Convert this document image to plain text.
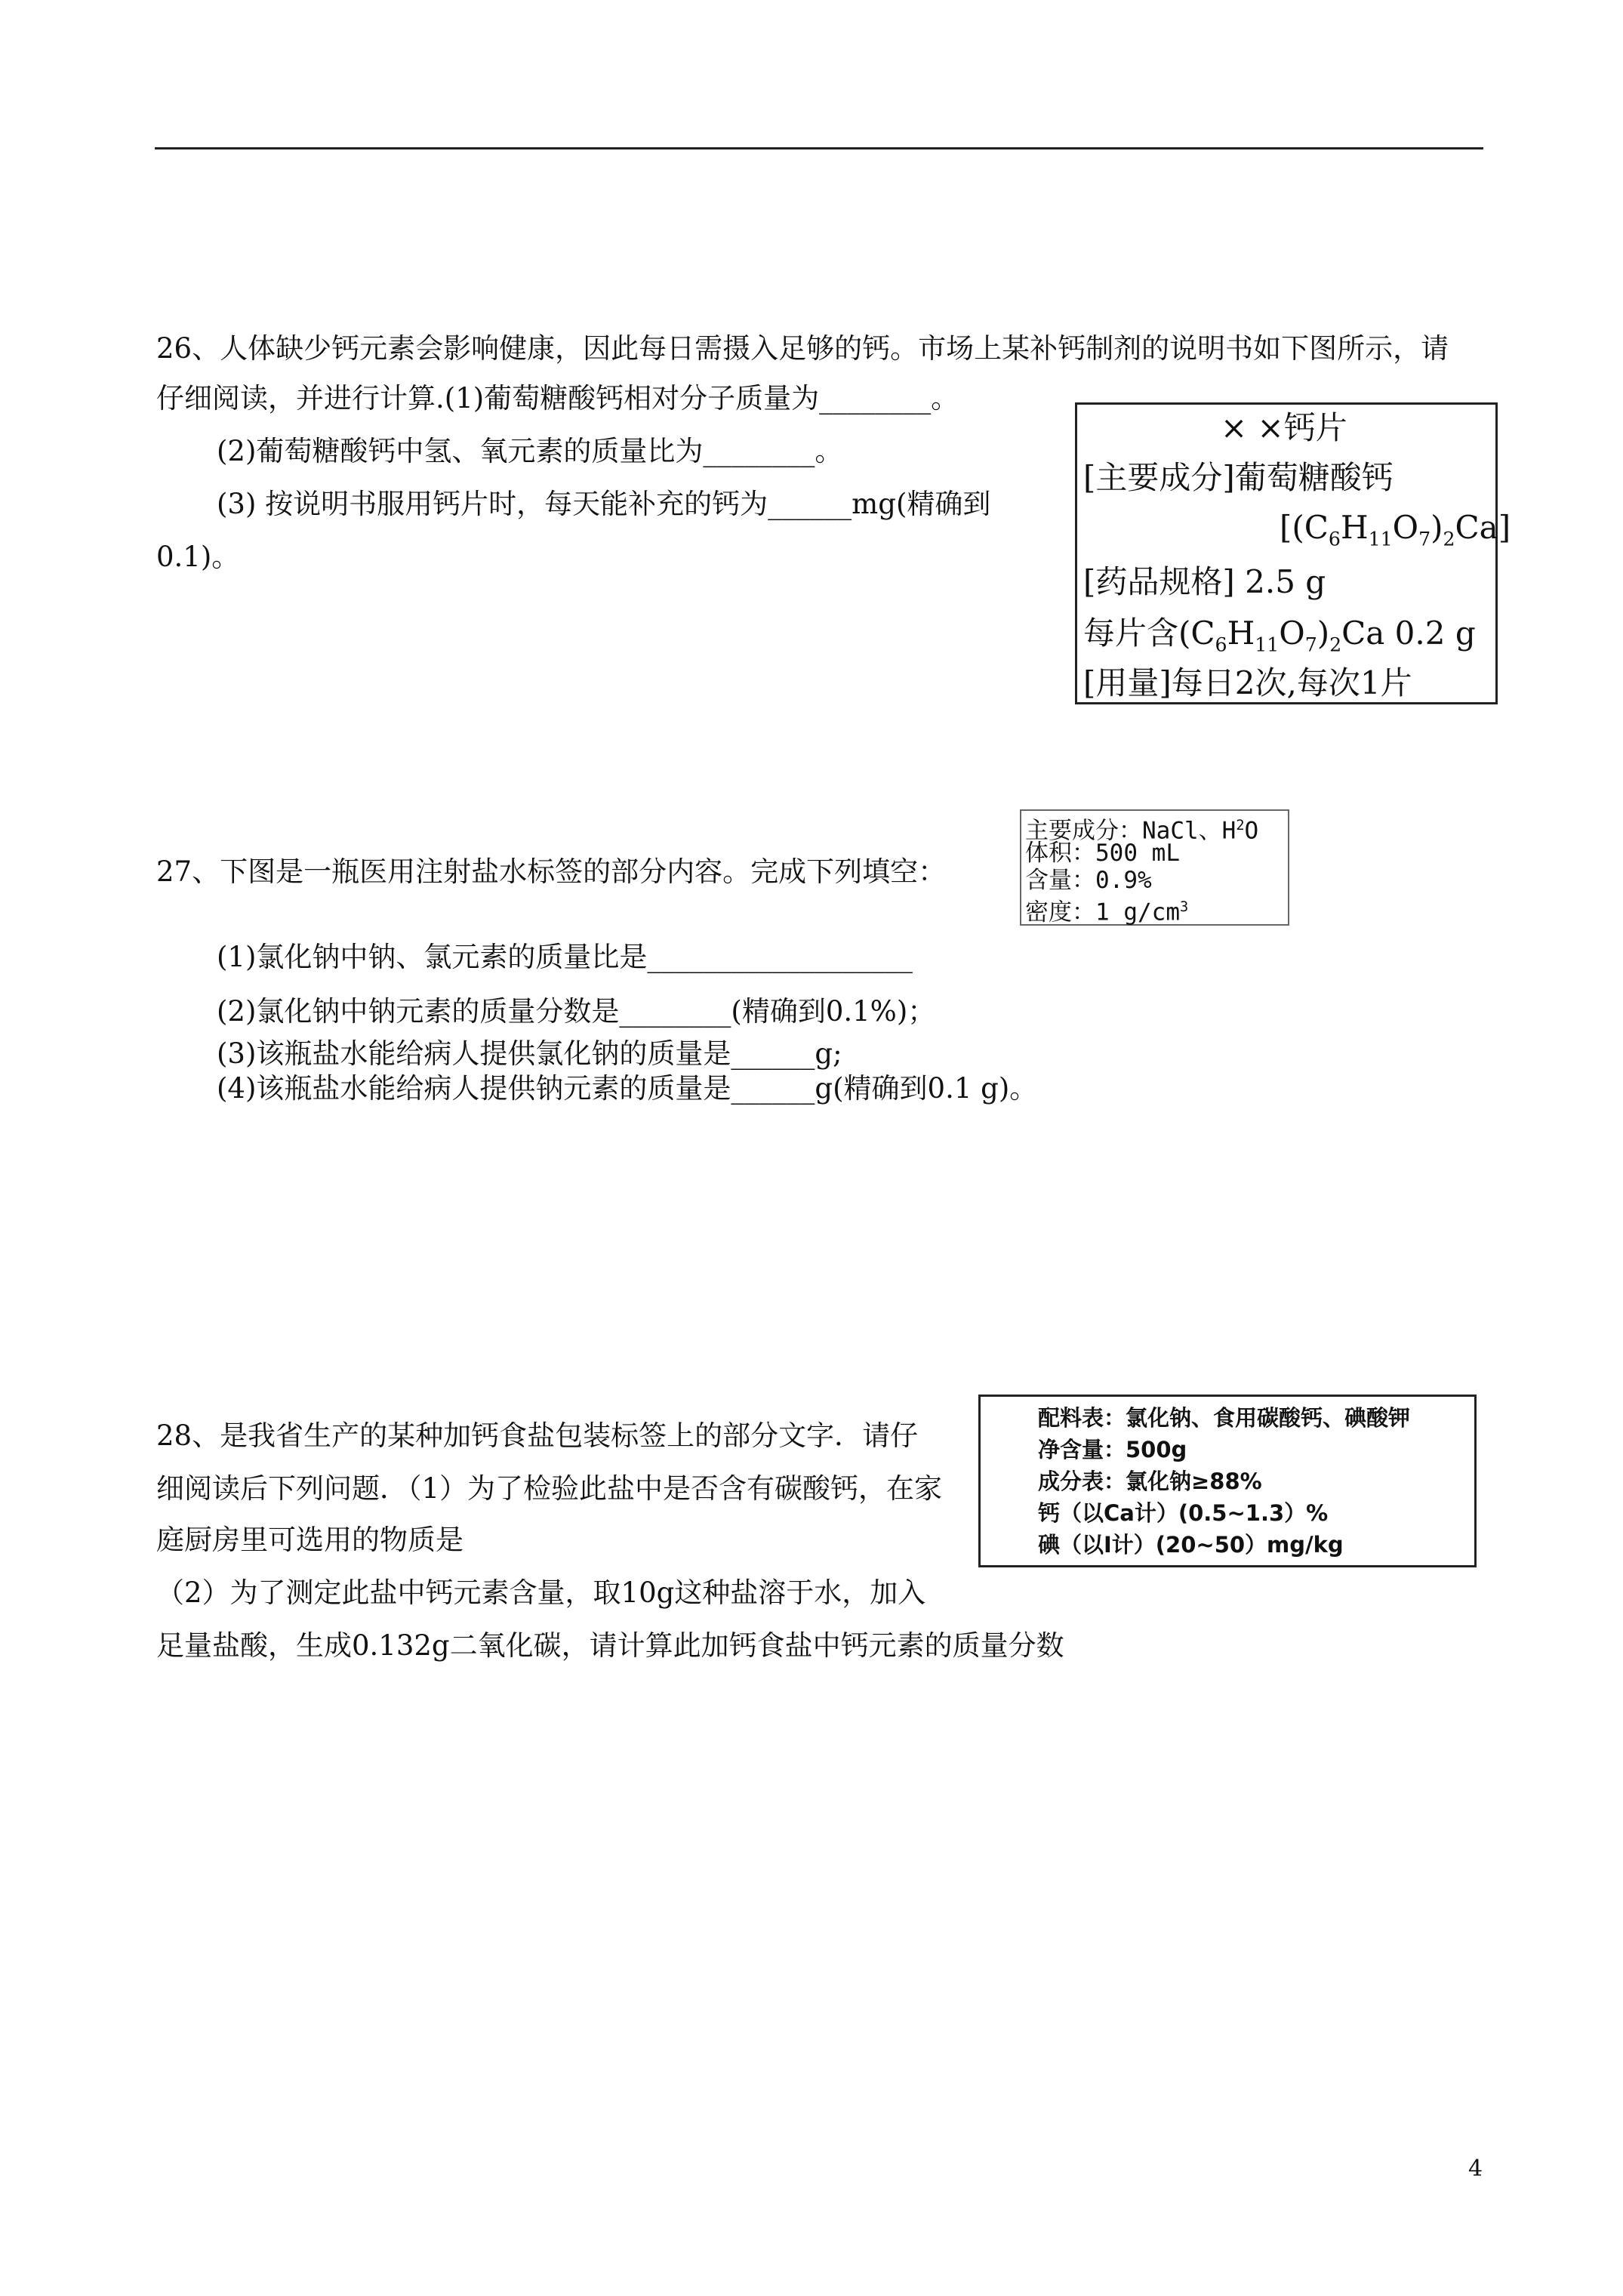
26、人体缺少钙元素会影响健康，因此每日需摄入足够的钙。市场上某补钙制剂的说明书如下图所示，请
仔细阅读，并进行计算.(1)葡萄糖酸钙相对分子质量为________。
(2)葡萄糖酸钙中氢、氧元素的质量比为________。
(3) 按说明书服用钙片时，每天能补充的钙为______mg(精确到
0.1)。
× ×钙片
[主要成分]葡萄糖酸钙
$[(C_6H_{11}O_7)_2Ca]$
[药品规格] 2.5 g
每片含$(C_6H_{11}O_7)_2Ca$ 0.2 g
[用量]每日2次,每次1片
主要成分：NaCl、$H^2O$
体积：500 mL
含量：0.9%
密度：1 $g/cm^3$
27、下图是一瓶医用注射盐水标签的部分内容。完成下列填空：
(1)氯化钠中钠、氯元素的质量比是___________________
(2)氯化钠中钠元素的质量分数是________(精确到0.1%)；
(3)该瓶盐水能给病人提供氯化钠的质量是______g;
(4)该瓶盐水能给病人提供钠元素的质量是______g(精确到0.1 g)。
28、是我省生产的某种加钙食盐包装标签上的部分文字．请仔
细阅读后下列问题．（1）为了检验此盐中是否含有碳酸钙，在家
庭厨房里可选用的物质是
（2）为了测定此盐中钙元素含量，取10g这种盐溶于水，加入
足量盐酸，生成0.132g二氧化碳，请计算此加钙食盐中钙元素的质量分数
配料表：氯化钠、食用碳酸钙、碘酸钾
净含量：500g
成分表：氯化钠≥88%
钙（以Ca计）(0.5~1.3）%
碘（以I计）(20~50）mg/kg
4
